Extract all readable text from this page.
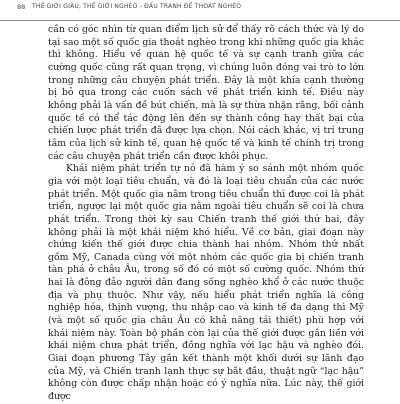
88 THẾ GIỚI GIÀU, THẾ GIỚI NGHÈO - ĐẤU TRANH ĐỂ THOÁT NGHÈO

cần có góc nhìn từ quan điểm lịch sử để thấy rõ cách thức và lý do tại sao một số quốc gia thoát nghèo trong khi những quốc gia khác thì không. Hiểu về quan hệ quốc tế và sự cạnh tranh giữa các cường quốc cũng rất quan trọng, vì chúng luôn đóng vai trò to lớn trong những câu chuyện phát triển. Đây là một khía cạnh thường bị bỏ qua trong các cuốn sách về phát triển kinh tế. Điều này không phải là vấn đề bút chiến, mà là sự thừa nhận rằng, bối cảnh quốc tế có thể tác động lên đến sự thành công hay thất bại của chiến lược phát triển đã được lựa chọn. Nói cách khác, vị trí trung tâm của lịch sử kinh tế, quan hệ quốc tế và kinh tế chính trị trong các câu chuyện phát triển cần được khôi phục.

Khái niệm phát triển tự nó đã hàm ý so sánh một nhóm quốc gia với một loại tiêu chuẩn, và đó là loại tiêu chuẩn của các nước phát triển. Một quốc gia nằm trong tiêu chuẩn thì được coi là phát triển, ngược lại một quốc gia nằm ngoài tiêu chuẩn sẽ coi là chưa phát triển. Trong thời kỳ sau Chiến tranh thế giới thứ hai, đây không phải là một khái niệm khó hiểu. Về cơ bản, giai đoạn này chứng kiến thế giới được chia thành hai nhóm. Nhóm thứ nhất gồm Mỹ, Canada cùng với một nhóm các quốc gia bị chiến tranh tàn phá ở châu Âu, trong số đó có một số cường quốc. Nhóm thứ hai là đông đảo người dân đang sống nghèo khổ ở các nước thuộc địa và phụ thuộc. Như vậy, nếu hiểu phát triển nghĩa là công nghiệp hóa, thịnh vượng, thu nhập cao và kinh tế đa dạng thì Mỹ (và một số quốc gia châu Âu có khả năng tái thiết) phù hợp với khái niệm này. Toàn bộ phần còn lại của thế giới được gắn liền với khái niệm chưa phát triển, đồng nghĩa với lạc hậu và nghèo đói. Giai đoạn phương Tây gắn kết thành một khối dưới sự lãnh đạo của Mỹ, và Chiến tranh lạnh thực sự bắt đầu, thuật ngữ “lạc hậu” không còn được chấp nhận hoặc có ý nghĩa nữa. Lúc này, thế giới được
